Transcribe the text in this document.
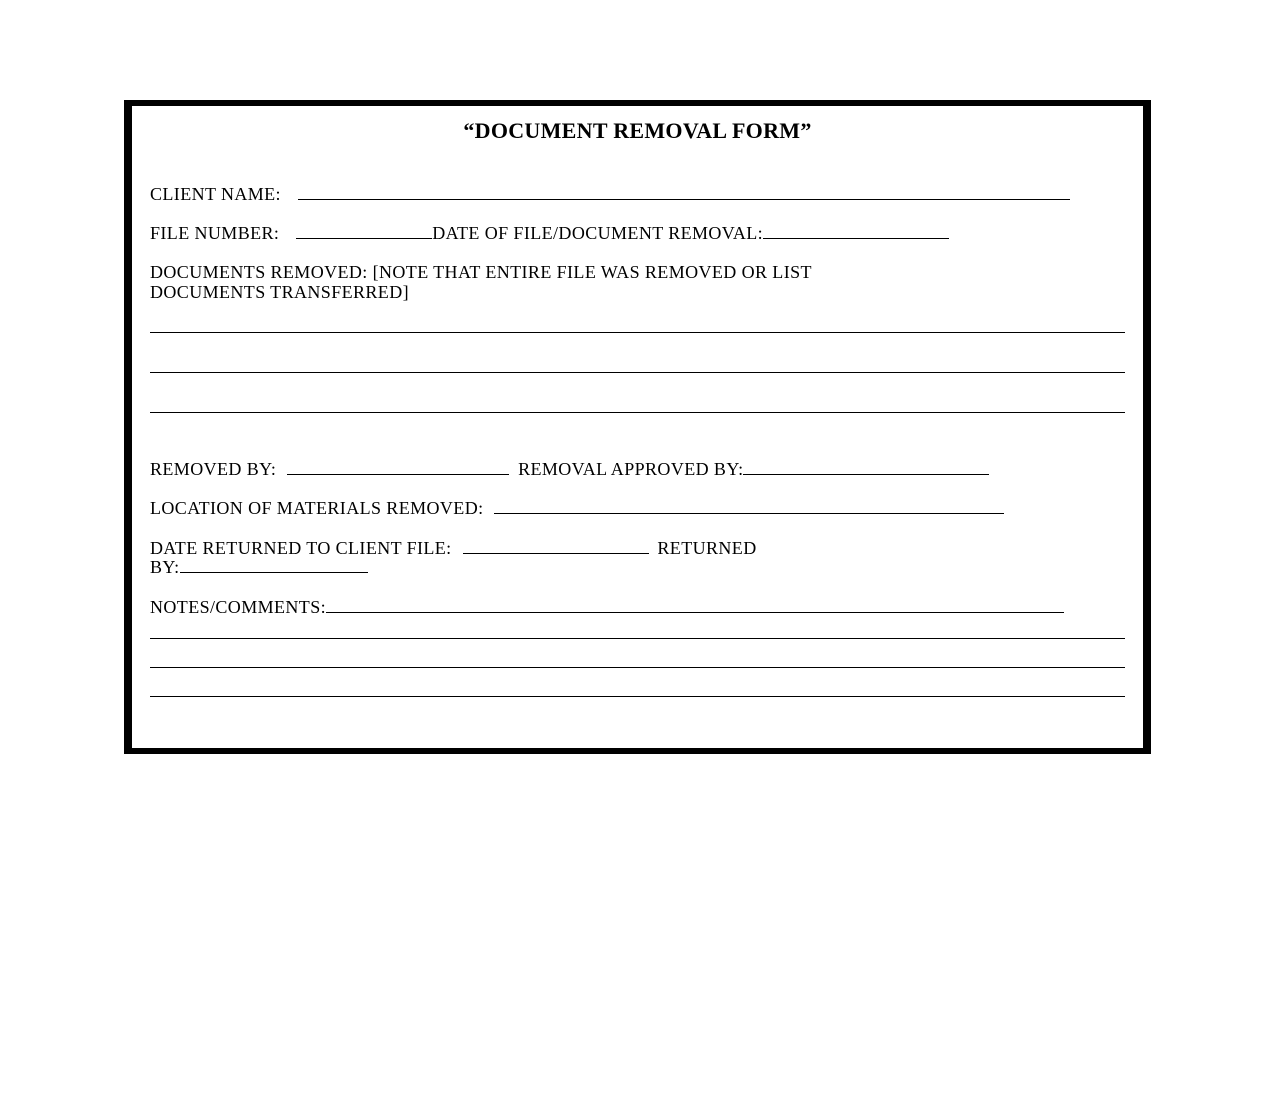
“DOCUMENT REMOVAL FORM”
CLIENT NAME:
FILE NUMBER:	DATE OF FILE/DOCUMENT REMOVAL:
DOCUMENTS REMOVED: [NOTE THAT ENTIRE FILE WAS REMOVED OR LIST
DOCUMENTS TRANSFERRED]
REMOVED BY:	REMOVAL APPROVED BY:
LOCATION OF MATERIALS REMOVED:
DATE RETURNED TO CLIENT FILE:	RETURNED
BY:
NOTES/COMMENTS:
